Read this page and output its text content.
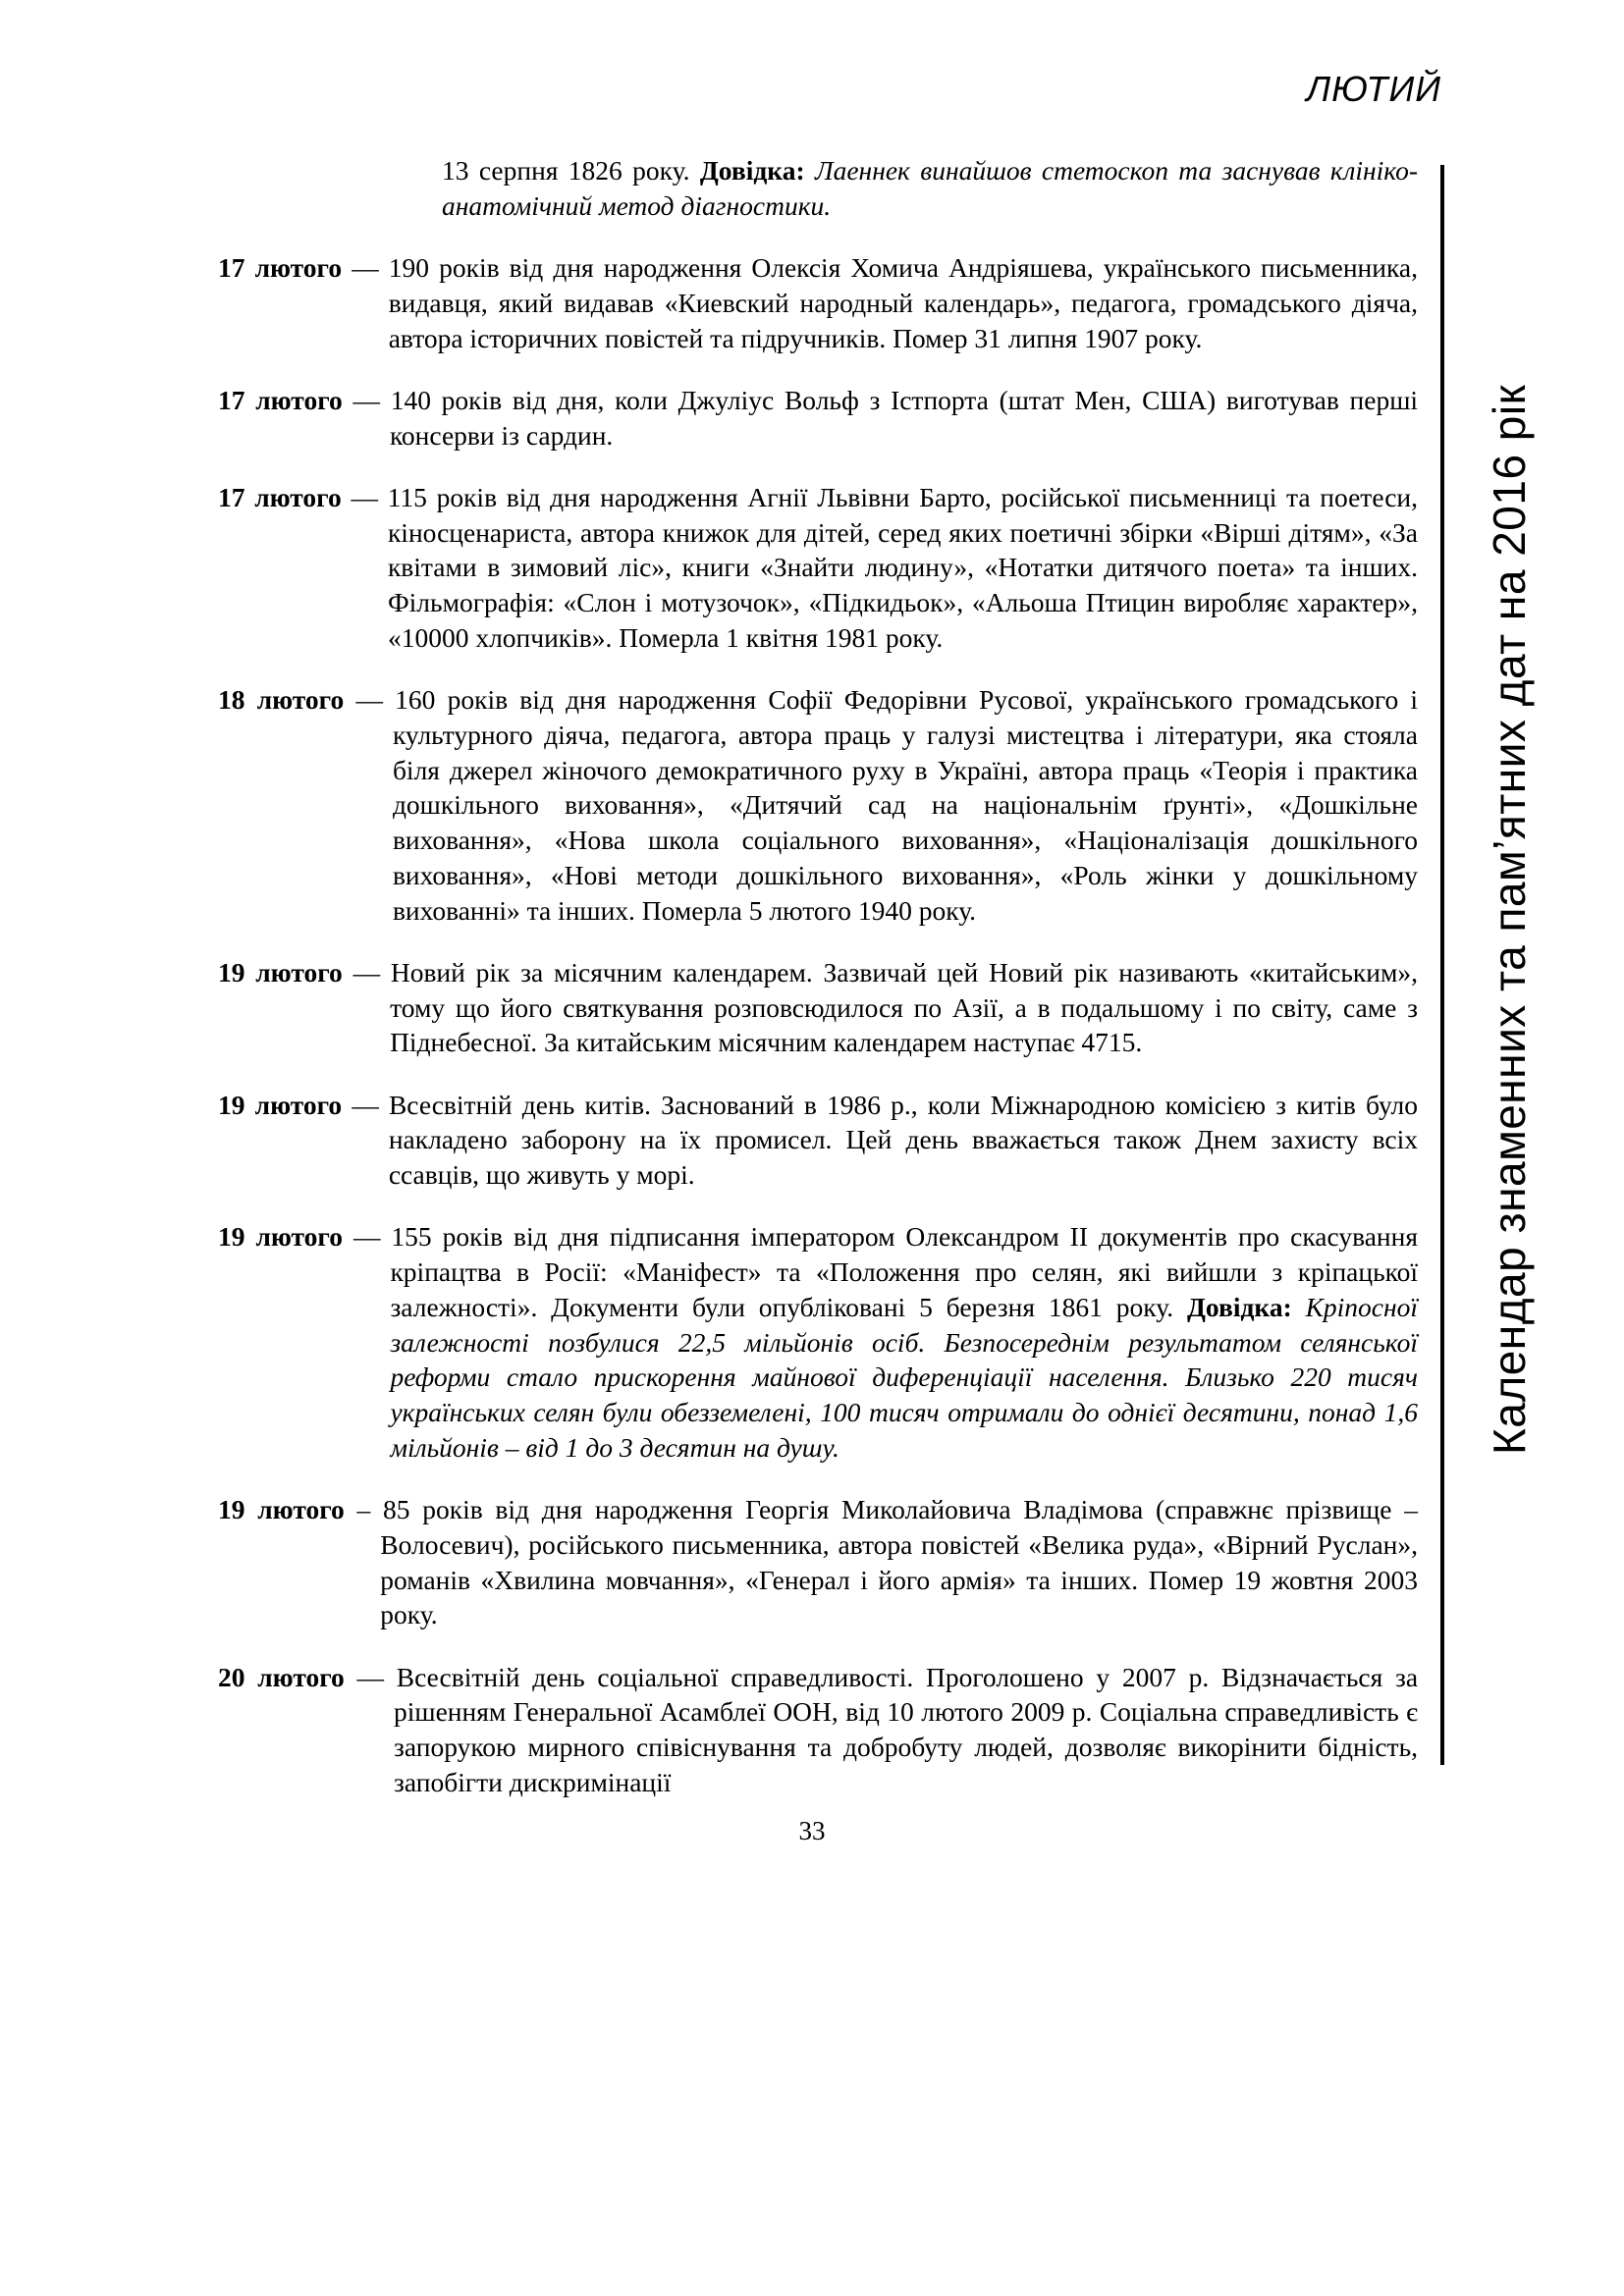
ЛЮТИЙ
Календар знаменних та пам’ятних дат на 2016 рік

13 серпня 1826 року. Довідка: Лаеннек винайшов стетоскоп та заснував клініко-анатомічний метод діагностики.

17 лютого — 190 років від дня народження Олексія Хомича Андріяшева, українського письменника, видавця, який видавав «Киевский народный календарь», педагога, громадського діяча, автора історичних повістей та підручників. Помер 31 липня 1907 року.

17 лютого — 140 років від дня, коли Джуліус Вольф з Істпорта (штат Мен, США) виготував перші консерви із сардин.

17 лютого — 115 років від дня народження Агнії Львівни Барто, російської письменниці та поетеси, кіносценариста, автора книжок для дітей, серед яких поетичні збірки «Вірші дітям», «За квітами в зимовий ліс», книги «Знайти людину», «Нотатки дитячого поета» та інших. Фільмографія: «Слон і мотузочок», «Підкидьок», «Альоша Птицин виробляє характер», «10000 хлопчиків». Померла 1 квітня 1981 року.

18 лютого — 160 років від дня народження Софії Федорівни Русової, українського громадського і культурного діяча, педагога, автора праць у галузі мистецтва і літератури, яка стояла біля джерел жіночого демократичного руху в Україні, автора праць «Теорія і практика дошкільного виховання», «Дитячий сад на національнім ґрунті», «Дошкільне виховання», «Нова школа соціального виховання», «Націоналізація дошкільного виховання», «Нові методи дошкільного виховання», «Роль жінки у дошкільному вихованні» та інших. Померла 5 лютого 1940 року.

19 лютого — Новий рік за місячним календарем. Зазвичай цей Новий рік називають «китайським», тому що його святкування розповсюдилося по Азії, а в подальшому і по світу, саме з Піднебесної. За китайським місячним календарем наступає 4715.

19 лютого — Всесвітній день китів. Заснований в 1986 р., коли Міжнародною комісією з китів було накладено заборону на їх промисел. Цей день вважається також Днем захисту всіх ссавців, що живуть у морі.

19 лютого — 155 років від дня підписання імператором Олександром II документів про скасування кріпацтва в Росії: «Маніфест» та «Положення про селян, які вийшли з кріпацької залежності». Документи були опубліковані 5 березня 1861 року. Довідка: Кріпосної залежності позбулися 22,5 мільйонів осіб. Безпосереднім результатом селянської реформи стало прискорення майнової диференціації населення. Близько 220 тисяч українських селян були обезземелені, 100 тисяч отримали до однієї десятини, понад 1,6 мільйонів – від 1 до 3 десятин на душу.

19 лютого – 85 років від дня народження Георгія Миколайовича Владімова (справжнє прізвище – Волосевич), російського письменника, автора повістей «Велика руда», «Вірний Руслан», романів «Хвилина мовчання», «Генерал і його армія» та інших. Помер 19 жовтня 2003 року.

20 лютого — Всесвітній день соціальної справедливості. Проголошено у 2007 р. Відзначається за рішенням Генеральної Асамблеї ООН, від 10 лютого 2009 р. Соціальна справедливість є запорукою мирного співіснування та добробуту людей, дозволяє викорінити бідність, запобігти дискримінації

33
